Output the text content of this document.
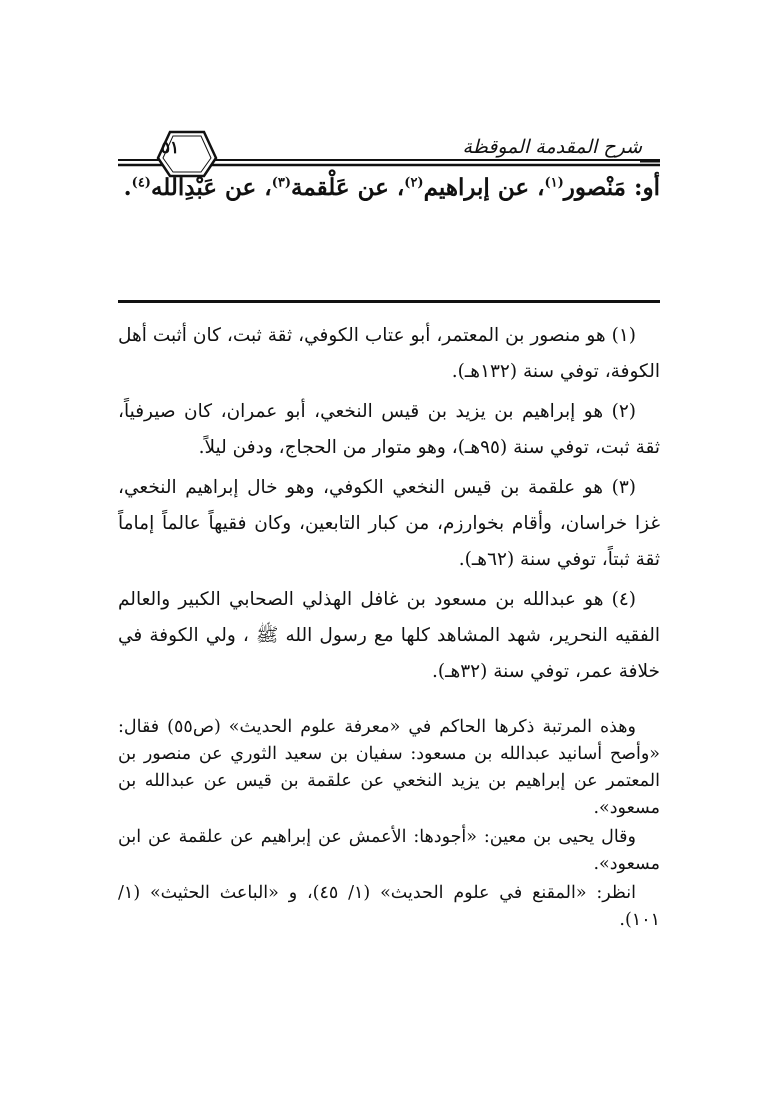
شرح المقدمة الموقظة
٥١
أو: مَنْصور$^{(١)}$، عن إبراهيم$^{(٢)}$، عن عَلْقمة$^{(٣)}$، عن عَبْدِالله$^{(٤)}$.

(١) هو منصور بن المعتمر، أبو عتاب الكوفي، ثقة ثبت، كان أثبت أهل الكوفة، توفي سنة (١٣٢هـ).

(٢) هو إبراهيم بن يزيد بن قيس النخعي، أبو عمران، كان صيرفياً، ثقة ثبت، توفي سنة (٩٥هـ)، وهو متوار من الحجاج، ودفن ليلاً.

(٣) هو علقمة بن قيس النخعي الكوفي، وهو خال إبراهيم النخعي، غزا خراسان، وأقام بخوارزم، من كبار التابعين، وكان فقيهاً عالماً إماماً ثقة ثبتاً، توفي سنة (٦٢هـ).

(٤) هو عبدالله بن مسعود بن غافل الهذلي الصحابي الكبير والعالم الفقيه النحرير، شهد المشاهد كلها مع رسول الله ﷺ ، ولي الكوفة في خلافة عمر، توفي سنة (٣٢هـ).

وهذه المرتبة ذكرها الحاكم في «معرفة علوم الحديث» (ص٥٥) فقال: «وأصح أسانيد عبدالله بن مسعود: سفيان بن سعيد الثوري عن منصور بن المعتمر عن إبراهيم بن يزيد النخعي عن علقمة بن قيس عن عبدالله بن مسعود».

وقال يحيى بن معين: «أجودها: الأعمش عن إبراهيم عن علقمة عن ابن مسعود».

انظر: «المقنع في علوم الحديث» (١/ ٤٥)، و «الباعث الحثيث» (١/ ١٠١).
